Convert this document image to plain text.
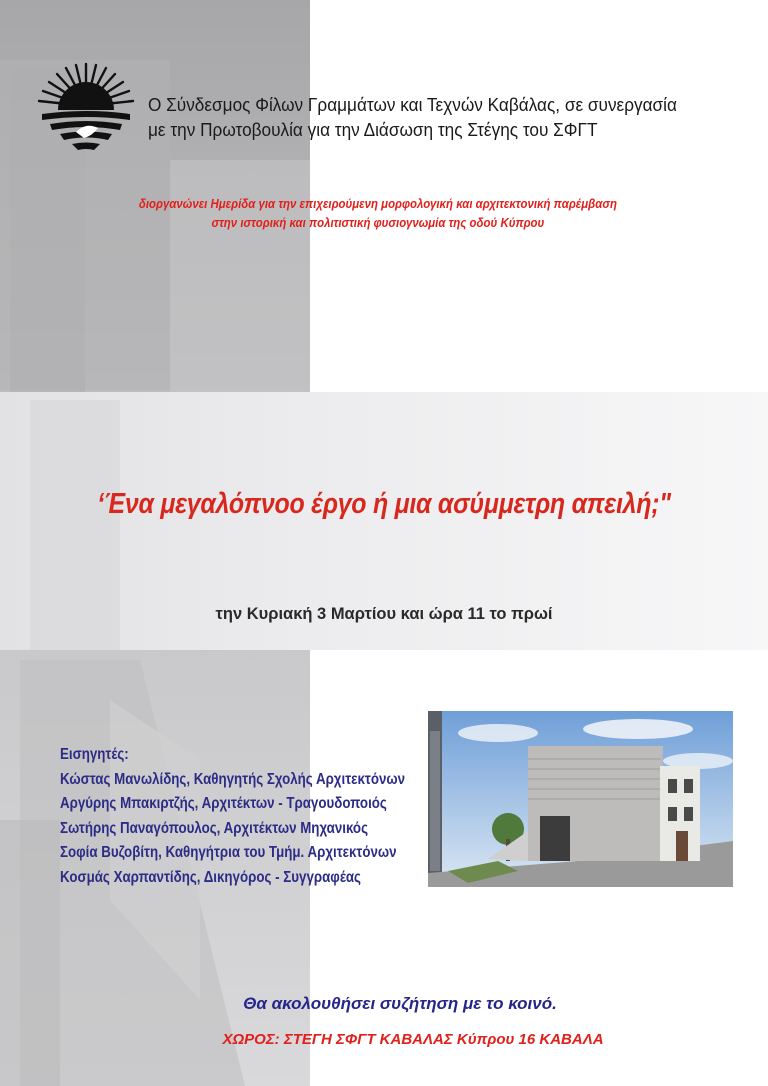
Ο Σύνδεσμος Φίλων Γραμμάτων και Τεχνών Καβάλας, σε συνεργασία
με την Πρωτοβουλία για την Διάσωση της Στέγης του ΣΦΓΤ
διοργανώνει Ημερίδα για την επιχειρούμενη μορφολογική και αρχιτεκτονική παρέμβαση
στην ιστορική και πολιτιστική φυσιογνωμία της οδού Κύπρου
‘Ένα μεγαλόπνοο έργο ή μια ασύμμετρη απειλή;"
την Κυριακή 3 Μαρτίου και ώρα 11 το πρωί
Εισηγητές:
Κώστας Μανωλίδης, Καθηγητής Σχολής Αρχιτεκτόνων
Αργύρης Μπακιρτζής, Αρχιτέκτων - Τραγουδοποιός
Σωτήρης Παναγόπουλος, Αρχιτέκτων Μηχανικός
Σοφία Βυζοβίτη, Καθηγήτρια του Τμήμ. Αρχιτεκτόνων
Κοσμάς Χαρπαντίδης, Δικηγόρος - Συγγραφέας
Θα ακολουθήσει συζήτηση με το κοινό.
ΧΩΡΟΣ: ΣΤΕΓΗ ΣΦΓΤ ΚΑΒΑΛΑΣ Κύπρου 16 ΚΑΒΑΛΑ
